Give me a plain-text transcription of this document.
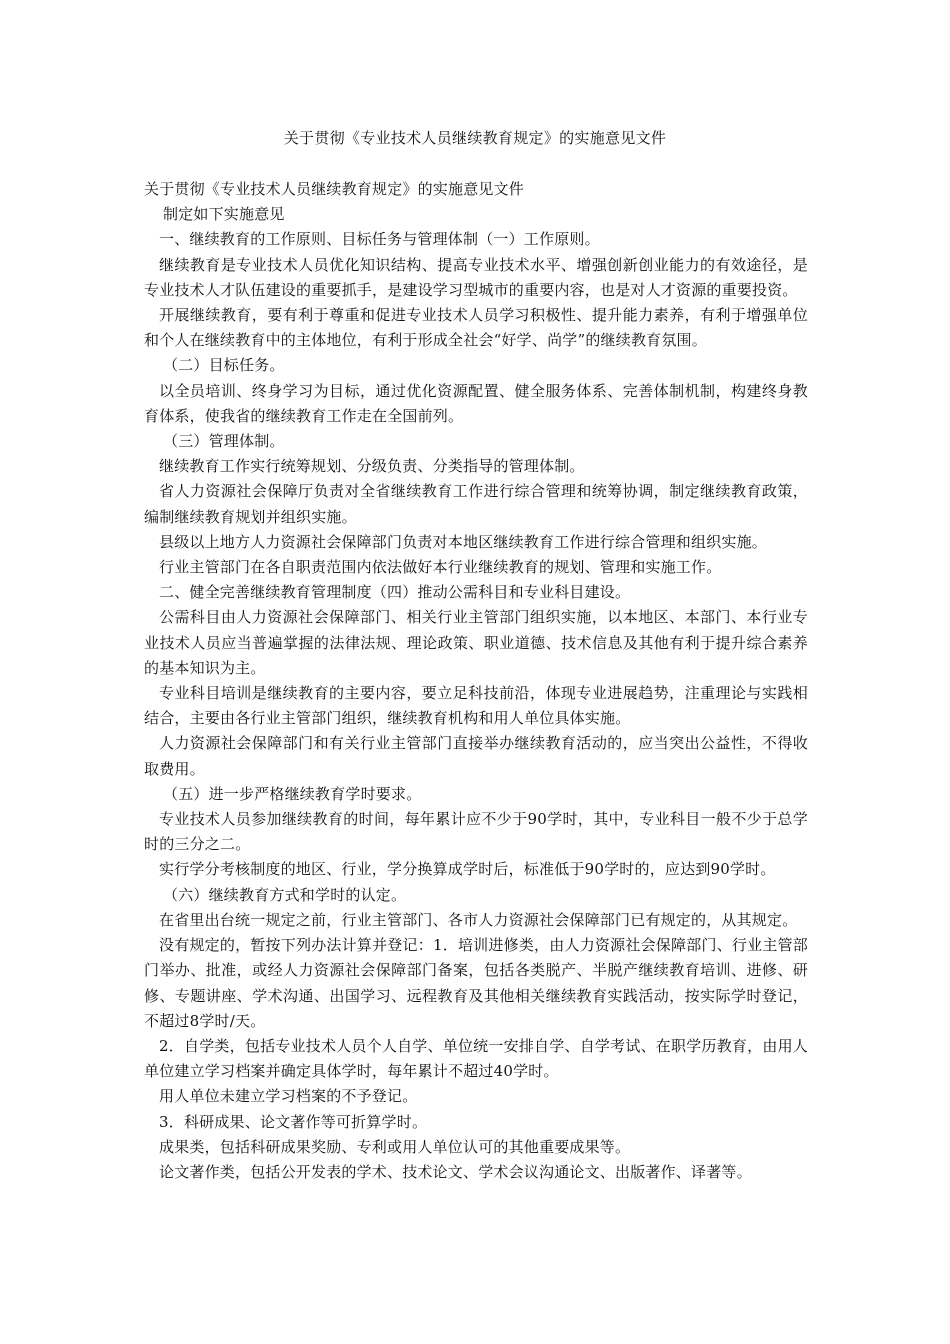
关于贯彻《专业技术人员继续教育规定》的实施意见文件

关于贯彻《专业技术人员继续教育规定》的实施意见文件

制定如下实施意见

一、继续教育的工作原则、目标任务与管理体制（一）工作原则。

继续教育是专业技术人员优化知识结构、提高专业技术水平、增强创新创业能力的有效途径，是专业技术人才队伍建设的重要抓手，是建设学习型城市的重要内容，也是对人才资源的重要投资。

开展继续教育，要有利于尊重和促进专业技术人员学习积极性、提升能力素养，有利于增强单位和个人在继续教育中的主体地位，有利于形成全社会“好学、尚学”的继续教育氛围。

（二）目标任务。

以全员培训、终身学习为目标，通过优化资源配置、健全服务体系、完善体制机制，构建终身教育体系，使我省的继续教育工作走在全国前列。

（三）管理体制。

继续教育工作实行统筹规划、分级负责、分类指导的管理体制。

省人力资源社会保障厅负责对全省继续教育工作进行综合管理和统筹协调，制定继续教育政策，编制继续教育规划并组织实施。

县级以上地方人力资源社会保障部门负责对本地区继续教育工作进行综合管理和组织实施。

行业主管部门在各自职责范围内依法做好本行业继续教育的规划、管理和实施工作。

二、健全完善继续教育管理制度（四）推动公需科目和专业科目建设。

公需科目由人力资源社会保障部门、相关行业主管部门组织实施，以本地区、本部门、本行业专业技术人员应当普遍掌握的法律法规、理论政策、职业道德、技术信息及其他有利于提升综合素养的基本知识为主。

专业科目培训是继续教育的主要内容，要立足科技前沿，体现专业进展趋势，注重理论与实践相结合，主要由各行业主管部门组织，继续教育机构和用人单位具体实施。

人力资源社会保障部门和有关行业主管部门直接举办继续教育活动的，应当突出公益性，不得收取费用。

（五）进一步严格继续教育学时要求。

专业技术人员参加继续教育的时间，每年累计应不少于90学时，其中，专业科目一般不少于总学时的三分之二。

实行学分考核制度的地区、行业，学分换算成学时后，标准低于90学时的，应达到90学时。

（六）继续教育方式和学时的认定。

在省里出台统一规定之前，行业主管部门、各市人力资源社会保障部门已有规定的，从其规定。

没有规定的，暂按下列办法计算并登记：1．培训进修类，由人力资源社会保障部门、行业主管部门举办、批准，或经人力资源社会保障部门备案，包括各类脱产、半脱产继续教育培训、进修、研修、专题讲座、学术沟通、出国学习、远程教育及其他相关继续教育实践活动，按实际学时登记，不超过8学时/天。

2．自学类，包括专业技术人员个人自学、单位统一安排自学、自学考试、在职学历教育，由用人单位建立学习档案并确定具体学时，每年累计不超过40学时。

用人单位未建立学习档案的不予登记。

3．科研成果、论文著作等可折算学时。

成果类，包括科研成果奖励、专利或用人单位认可的其他重要成果等。

论文著作类，包括公开发表的学术、技术论文、学术会议沟通论文、出版著作、译著等。
